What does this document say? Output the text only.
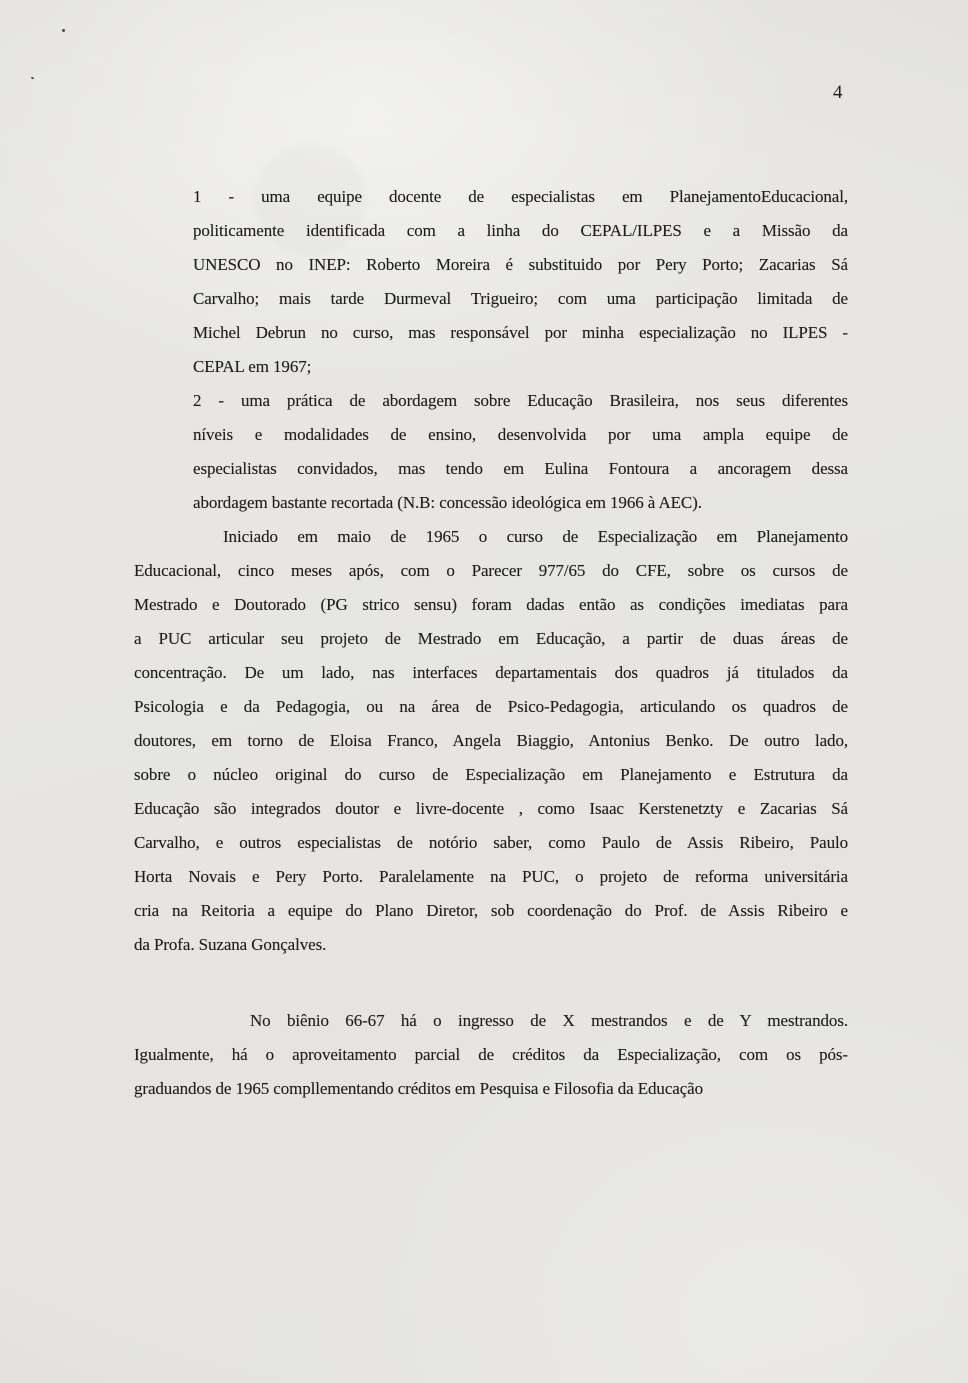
4
1 - uma equipe docente de especialistas em PlanejamentoEducacional,
politicamente identificada com a linha do CEPAL/ILPES e a Missão da
UNESCO no INEP: Roberto Moreira é substituido por Pery Porto; Zacarias Sá
Carvalho; mais tarde Durmeval Trigueiro; com uma participação limitada de
Michel Debrun no curso, mas responsável por minha especialização no ILPES -
CEPAL em 1967;
2 - uma prática de abordagem sobre Educação Brasileira, nos seus diferentes
níveis e modalidades de ensino, desenvolvida por uma ampla equipe de
especialistas convidados, mas tendo em Eulina Fontoura a ancoragem dessa
abordagem bastante recortada (N.B: concessão ideológica em 1966 à AEC).
Iniciado em maio de 1965 o curso de Especialização em Planejamento
Educacional, cinco meses após, com o Parecer 977/65 do CFE, sobre os cursos de
Mestrado e Doutorado (PG strico sensu) foram dadas então as condições imediatas para
a PUC articular seu projeto de Mestrado em Educação, a partir de duas áreas de
concentração. De um lado, nas interfaces departamentais dos quadros já titulados da
Psicologia e da Pedagogia, ou na área de Psico-Pedagogia, articulando os quadros de
doutores, em torno de Eloisa Franco, Angela Biaggio, Antonius Benko. De outro lado,
sobre o núcleo original do curso de Especialização em Planejamento e Estrutura da
Educação são integrados doutor e livre-docente , como Isaac Kerstenetzty e Zacarias Sá
Carvalho, e outros especialistas de notório saber, como Paulo de Assis Ribeiro, Paulo
Horta Novais e Pery Porto. Paralelamente na PUC, o projeto de reforma universitária
cria na Reitoria a equipe do Plano Diretor, sob coordenação do Prof. de Assis Ribeiro e
da Profa. Suzana Gonçalves.
No biênio 66-67 há o ingresso de X mestrandos e de Y mestrandos.
Igualmente, há o aproveitamento parcial de créditos da Especialização, com os pós-
graduandos de 1965 compllementando créditos em Pesquisa e Filosofia da Educação
